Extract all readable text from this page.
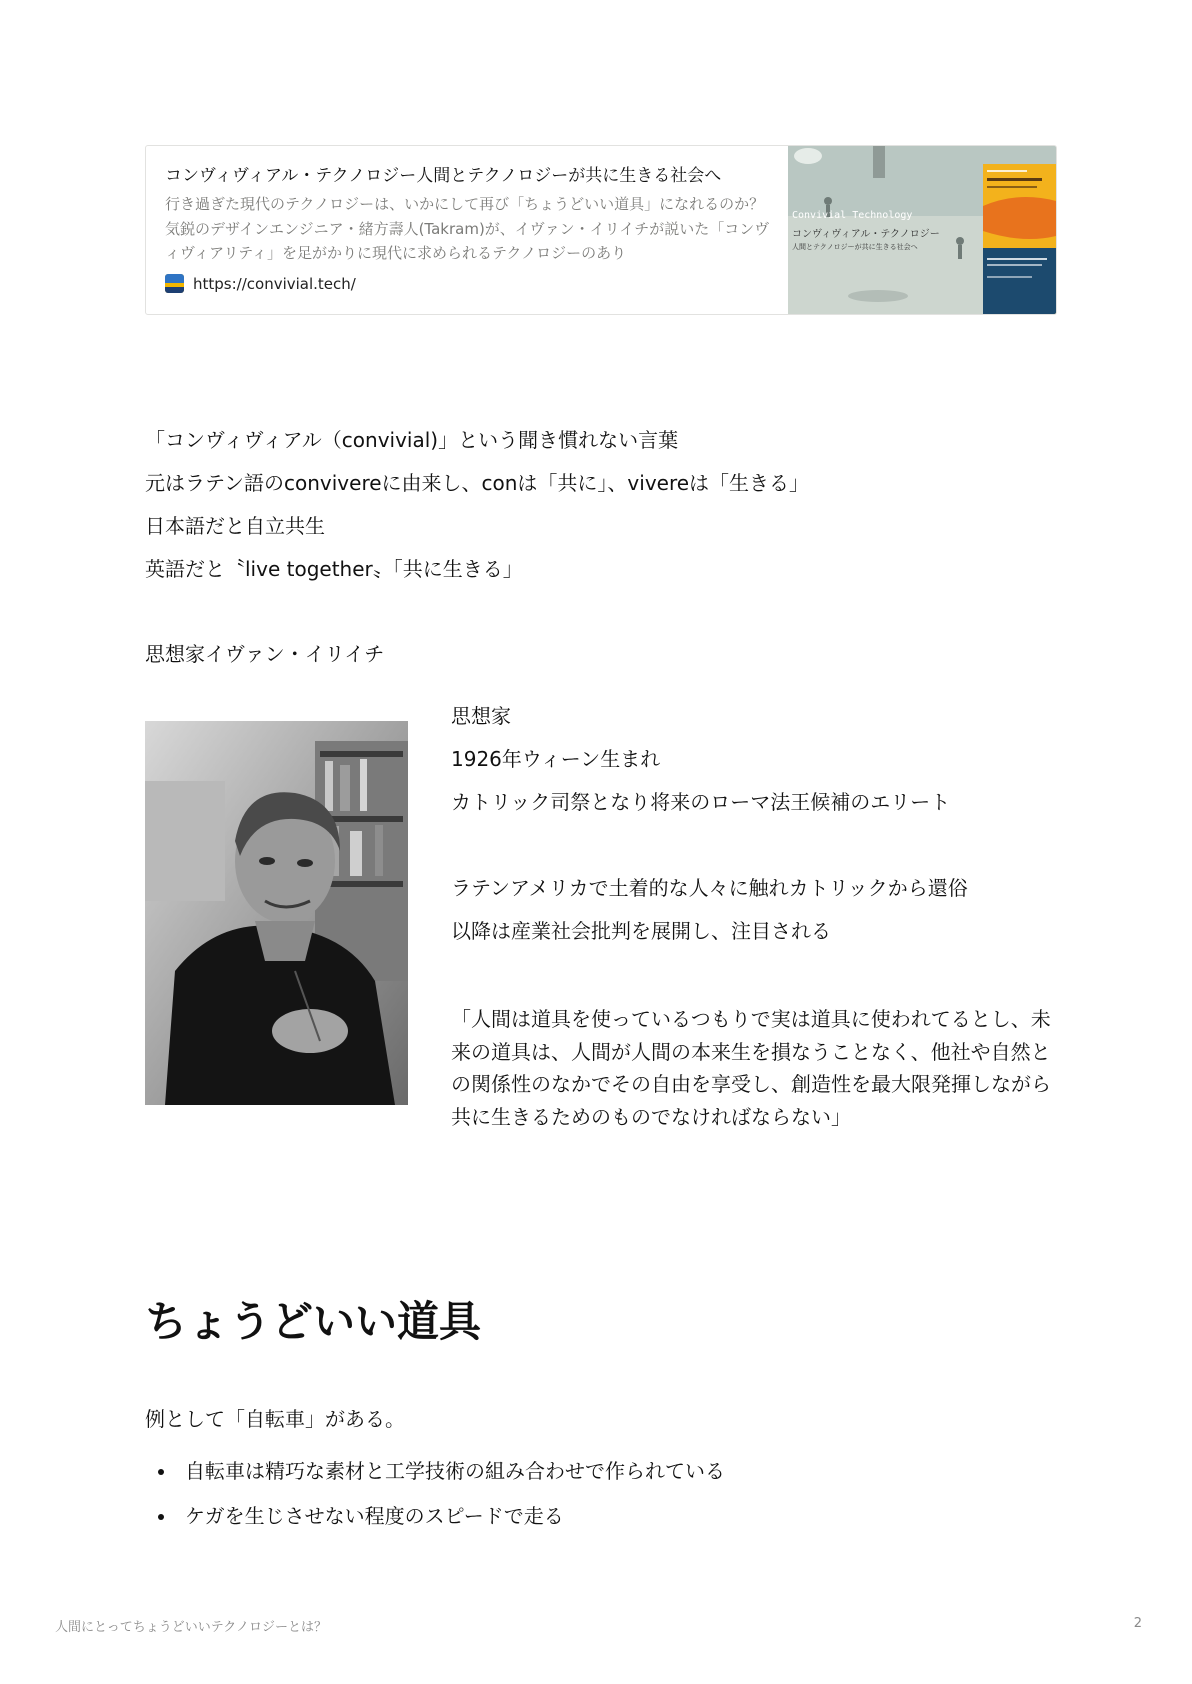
コンヴィヴィアル・テクノロジー人間とテクノロジーが共に生きる社会へ
行き過ぎた現代のテクノロジーは、いかにして再び「ちょうどいい道具」になれるのか？気鋭のデザインエンジニア・緒方壽人(Takram)が、イヴァン・イリイチが説いた「コンヴィヴィアリティ」を足がかりに現代に求められるテクノロジーのあり
https://convivial.tech/
Convivial Technology
コンヴィヴィアル・テクノロジー
人間とテクノロジーが共に生きる社会へ
「コンヴィヴィアル（convivial)」という聞き慣れない言葉
元はラテン語のconvivereに由来し、conは「共に」、vivereは「生きる」
日本語だと自立共生
英語だと〝live together〟「共に生きる」
思想家イヴァン・イリイチ
思想家
1926年ウィーン生まれ
カトリック司祭となり将来のローマ法王候補のエリート
ラテンアメリカで土着的な人々に触れカトリックから還俗
以降は産業社会批判を展開し、注目される
「人間は道具を使っているつもりで実は道具に使われてるとし、未来の道具は、人間が人間の本来生を損なうことなく、他社や自然との関係性のなかでその自由を享受し、創造性を最大限発揮しながら共に生きるためのものでなければならない」
ちょうどいい道具
例として「自転車」がある。
自転車は精巧な素材と工学技術の組み合わせで作られている
ケガを生じさせない程度のスピードで走る
人間にとってちょうどいいテクノロジーとは？	2
